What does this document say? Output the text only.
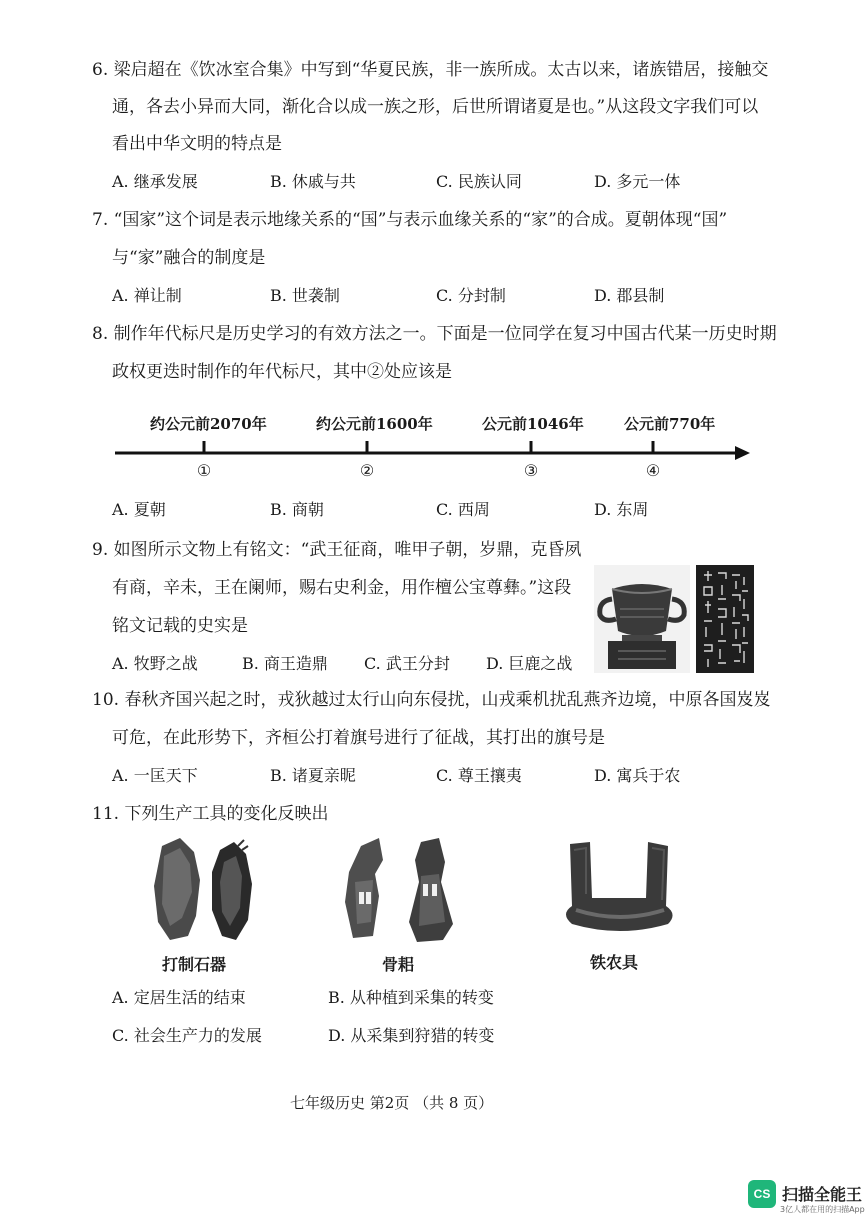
6. 梁启超在《饮冰室合集》中写到“华夏民族，非一族所成。太古以来，诸族错居，接触交
通，各去小异而大同，渐化合以成一族之形，后世所谓诸夏是也。”从这段文字我们可以
看出中华文明的特点是
A. 继承发展	B. 休戚与共	C. 民族认同	D. 多元一体
7. “国家”这个词是表示地缘关系的“国”与表示血缘关系的“家”的合成。夏朝体现“国”
与“家”融合的制度是
A. 禅让制	B. 世袭制	C. 分封制	D. 郡县制
8. 制作年代标尺是历史学习的有效方法之一。下面是一位同学在复习中国古代某一历史时期
政权更迭时制作的年代标尺，其中②处应该是
约公元前2070年	约公元前1600年	公元前1046年	公元前770年
①	②	③	④
A. 夏朝	B. 商朝	C. 西周	D. 东周
9. 如图所示文物上有铭文：“武王征商，唯甲子朝，岁鼎，克昏夙
有商，辛未，王在阑师，赐右史利金，用作檀公宝尊彝。”这段
铭文记载的史实是
A. 牧野之战	B. 商王造鼎 C. 武王分封 D. 巨鹿之战
10. 春秋齐国兴起之时，戎狄越过太行山向东侵扰，山戎乘机扰乱燕齐边境，中原各国岌岌
可危，在此形势下，齐桓公打着旗号进行了征战，其打出的旗号是
A. 一匡天下	B. 诸夏亲昵	C. 尊王攘夷	D. 寓兵于农
11. 下列生产工具的变化反映出
打制石器	骨耜	铁农具
A. 定居生活的结束	B. 从种植到采集的转变
C. 社会生产力的发展	D. 从采集到狩猎的转变
七年级历史 第2页 （共 8 页）
CS 扫描全能王
3亿人都在用的扫描App
